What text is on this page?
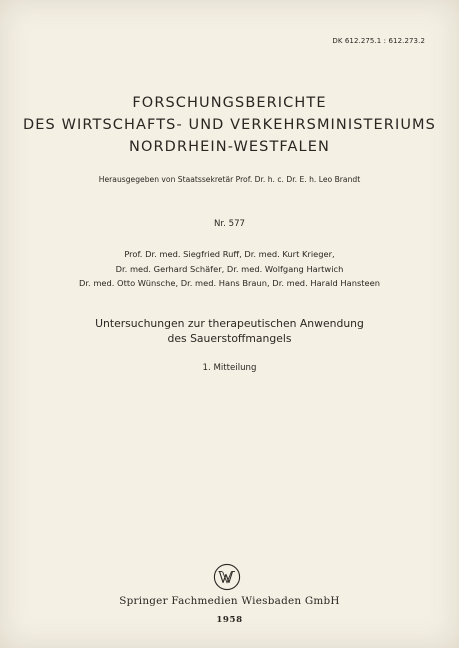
DK 612.275.1 : 612.273.2
FORSCHUNGSBERICHTE
DES WIRTSCHAFTS- UND VERKEHRSMINISTERIUMS
NORDRHEIN-WESTFALEN
Herausgegeben von Staatssekretär Prof. Dr. h. c. Dr. E. h. Leo Brandt
Nr. 577
Prof. Dr. med. Siegfried Ruff, Dr. med. Kurt Krieger,
Dr. med. Gerhard Schäfer, Dr. med. Wolfgang Hartwich
Dr. med. Otto Wünsche, Dr. med. Hans Braun, Dr. med. Harald Hansteen
Untersuchungen zur therapeutischen Anwendung
des Sauerstoffmangels
1. Mitteilung
Springer Fachmedien Wiesbaden GmbH
1958
